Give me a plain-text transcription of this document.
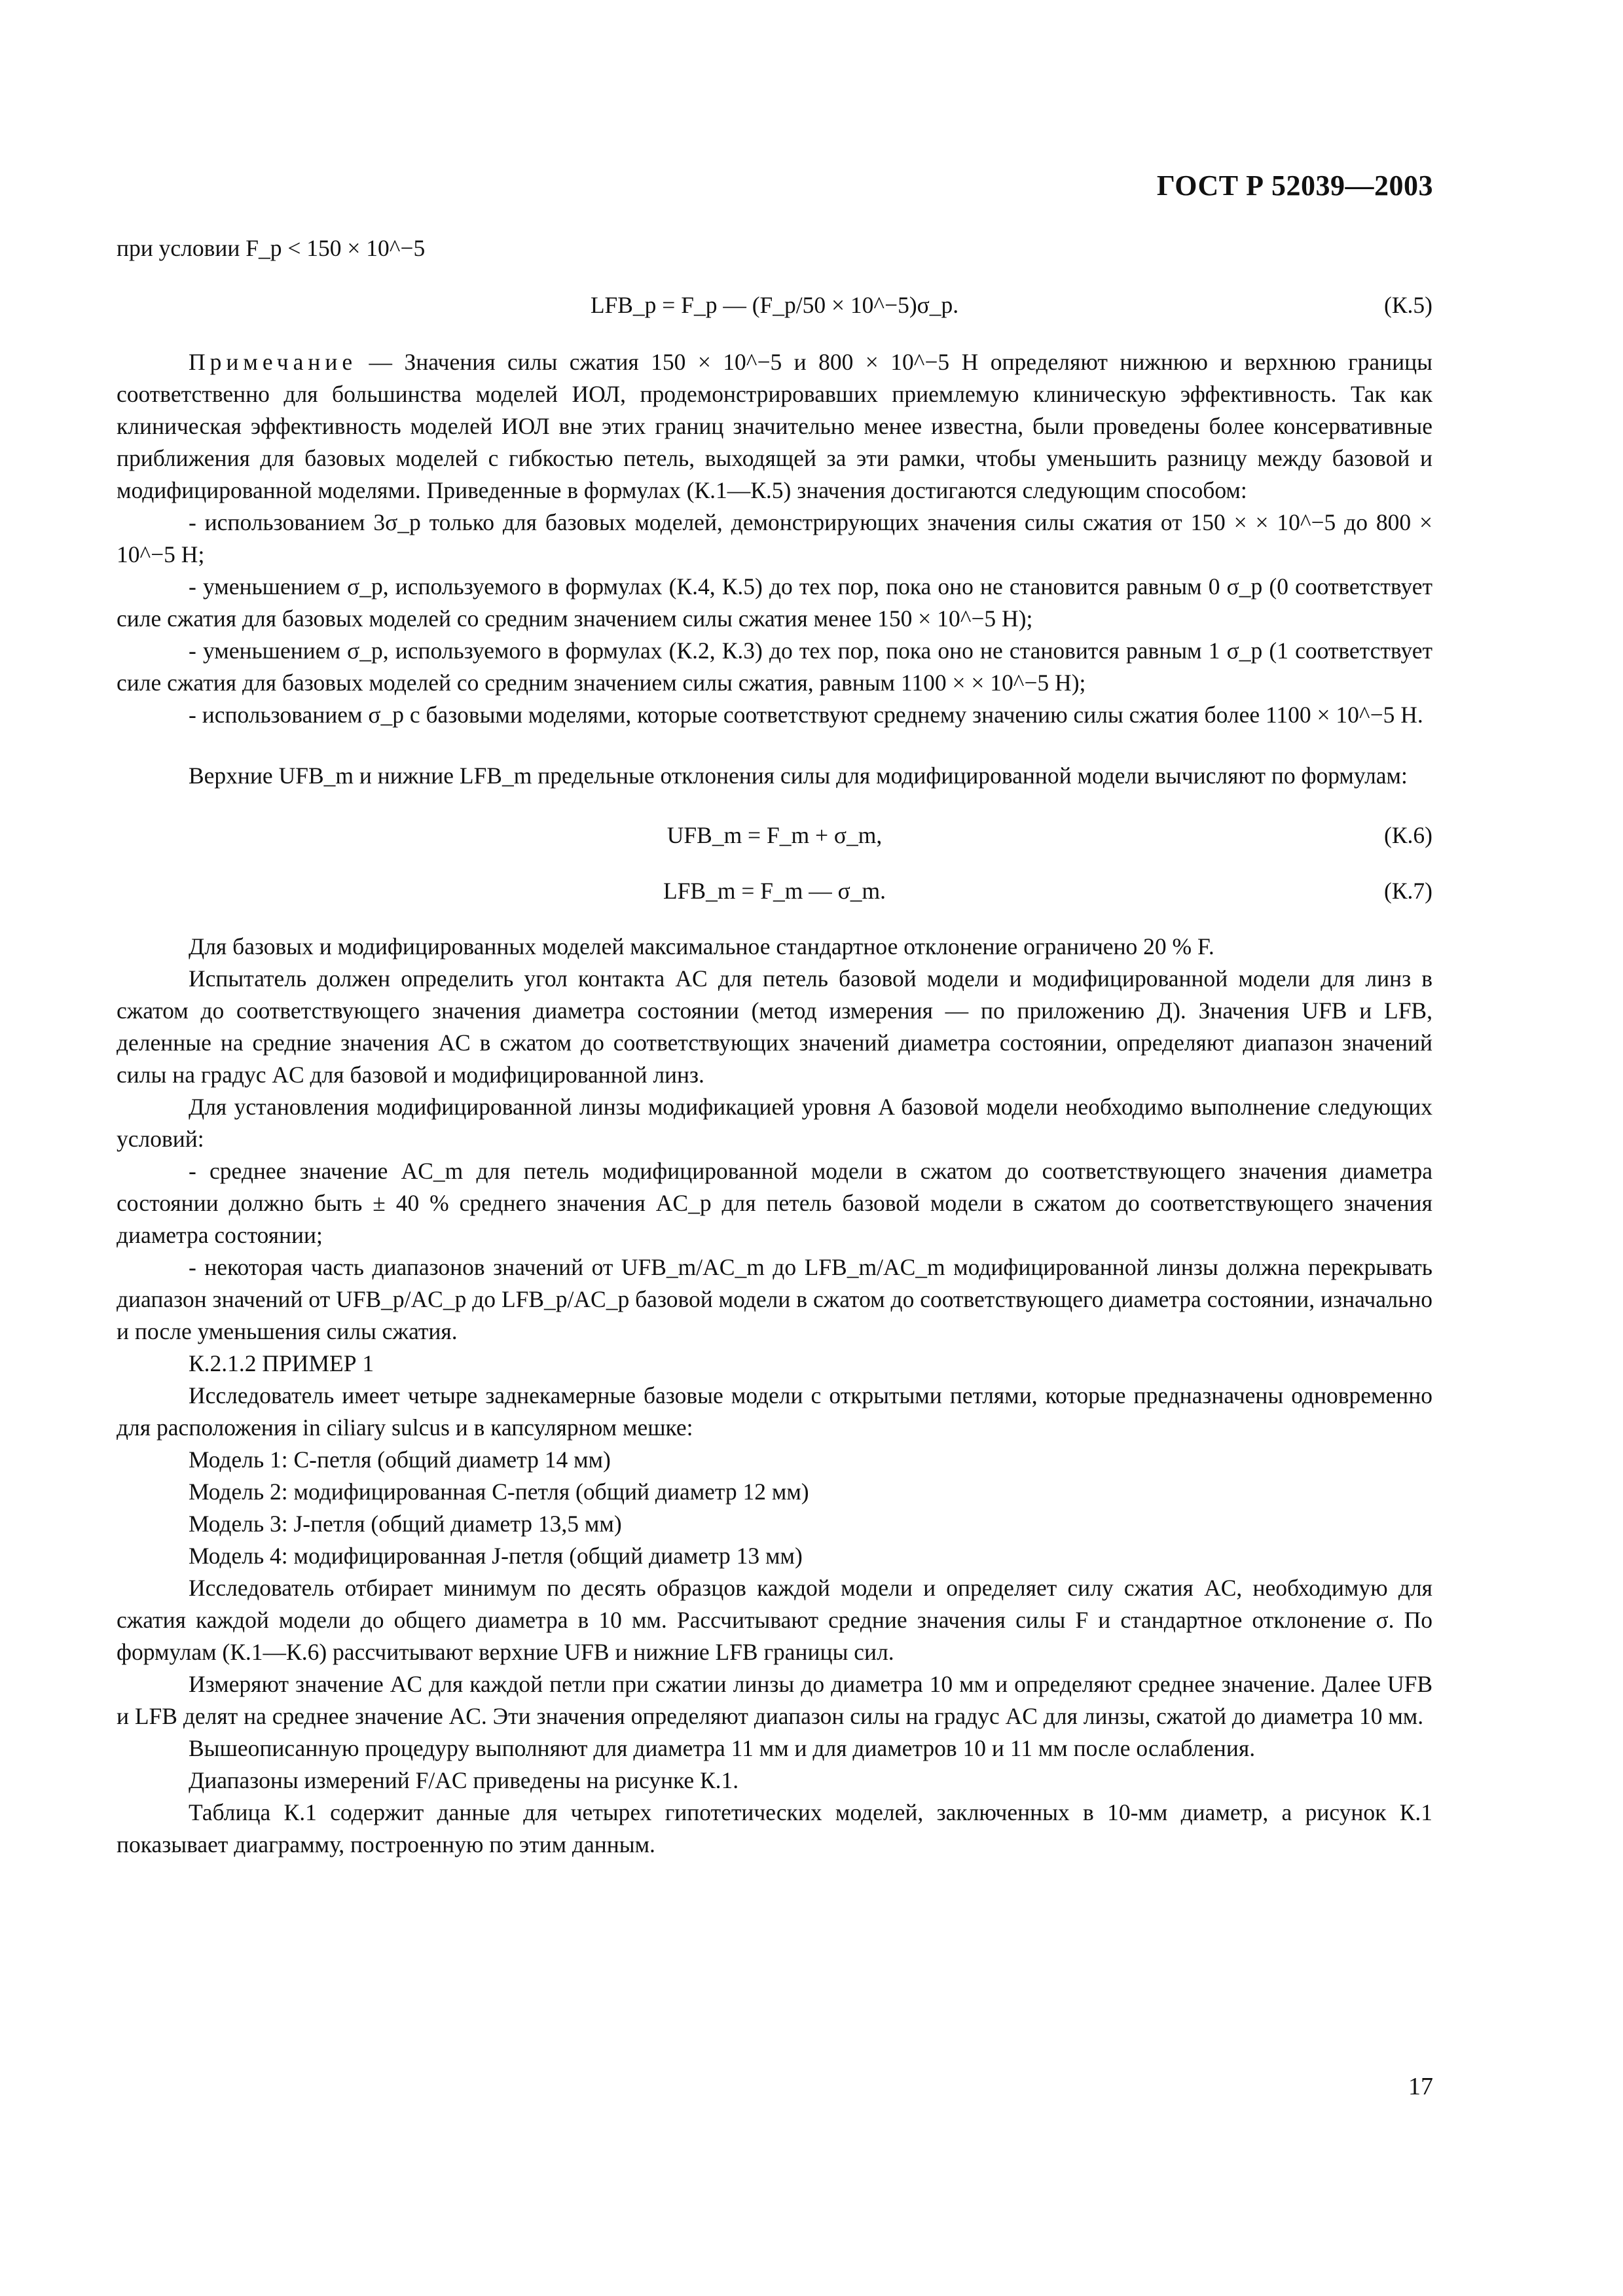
ГОСТ Р 52039—2003

при условии F_p < 150 × 10^−5

LFB_p = F_p — (F_p/50 × 10^−5)σ_p.	(К.5)

Примечание — Значения силы сжатия 150 × 10^−5 и 800 × 10^−5 Н определяют нижнюю и верхнюю границы соответственно для большинства моделей ИОЛ, продемонстрировавших приемлемую клиническую эффективность. Так как клиническая эффективность моделей ИОЛ вне этих границ значительно менее известна, были проведены более консервативные приближения для базовых моделей с гибкостью петель, выходящей за эти рамки, чтобы уменьшить разницу между базовой и модифицированной моделями. Приведенные в формулах (К.1—К.5) значения достигаются следующим способом:

- использованием 3σ_p только для базовых моделей, демонстрирующих значения силы сжатия от 150 × × 10^−5 до 800 × 10^−5 Н;

- уменьшением σ_p, используемого в формулах (К.4, К.5) до тех пор, пока оно не становится равным 0 σ_p (0 соответствует силе сжатия для базовых моделей со средним значением силы сжатия менее 150 × 10^−5 Н);

- уменьшением σ_p, используемого в формулах (К.2, К.3) до тех пор, пока оно не становится равным 1 σ_p (1 соответствует силе сжатия для базовых моделей со средним значением силы сжатия, равным 1100 × × 10^−5 Н);

- использованием σ_p с базовыми моделями, которые соответствуют среднему значению силы сжатия более 1100 × 10^−5 Н.

Верхние UFB_m и нижние LFB_m предельные отклонения силы для модифицированной модели вычисляют по формулам:

UFB_m = F_m + σ_m,	(К.6)
LFB_m = F_m — σ_m.	(К.7)

Для базовых и модифицированных моделей максимальное стандартное отклонение ограничено 20 % F.

Испытатель должен определить угол контакта AC для петель базовой модели и модифицированной модели для линз в сжатом до соответствующего значения диаметра состоянии (метод измерения — по приложению Д). Значения UFB и LFB, деленные на средние значения AC в сжатом до соответствующих значений диаметра состоянии, определяют диапазон значений силы на градус AC для базовой и модифицированной линз.

Для установления модифицированной линзы модификацией уровня A базовой модели необходимо выполнение следующих условий:

- среднее значение AC_m для петель модифицированной модели в сжатом до соответствующего значения диаметра состоянии должно быть ± 40 % среднего значения AC_p для петель базовой модели в сжатом до соответствующего значения диаметра состоянии;

- некоторая часть диапазонов значений от UFB_m/AC_m до LFB_m/AC_m модифицированной линзы должна перекрывать диапазон значений от UFB_p/AC_p до LFB_p/AC_p базовой модели в сжатом до соответствующего диаметра состоянии, изначально и после уменьшения силы сжатия.

К.2.1.2 ПРИМЕР 1

Исследователь имеет четыре заднекамерные базовые модели с открытыми петлями, которые предназначены одновременно для расположения in ciliary sulcus и в капсулярном мешке:

Модель 1: C-петля (общий диаметр 14 мм)

Модель 2: модифицированная C-петля (общий диаметр 12 мм)

Модель 3: J-петля (общий диаметр 13,5 мм)

Модель 4: модифицированная J-петля (общий диаметр 13 мм)

Исследователь отбирает минимум по десять образцов каждой модели и определяет силу сжатия AC, необходимую для сжатия каждой модели до общего диаметра в 10 мм. Рассчитывают средние значения силы F и стандартное отклонение σ. По формулам (К.1—К.6) рассчитывают верхние UFB и нижние LFB границы сил.

Измеряют значение AC для каждой петли при сжатии линзы до диаметра 10 мм и определяют среднее значение. Далее UFB и LFB делят на среднее значение AC. Эти значения определяют диапазон силы на градус AC для линзы, сжатой до диаметра 10 мм.

Вышеописанную процедуру выполняют для диаметра 11 мм и для диаметров 10 и 11 мм после ослабления.

Диапазоны измерений F/AC приведены на рисунке К.1.

Таблица К.1 содержит данные для четырех гипотетических моделей, заключенных в 10-мм диаметр, а рисунок К.1 показывает диаграмму, построенную по этим данным.

17
